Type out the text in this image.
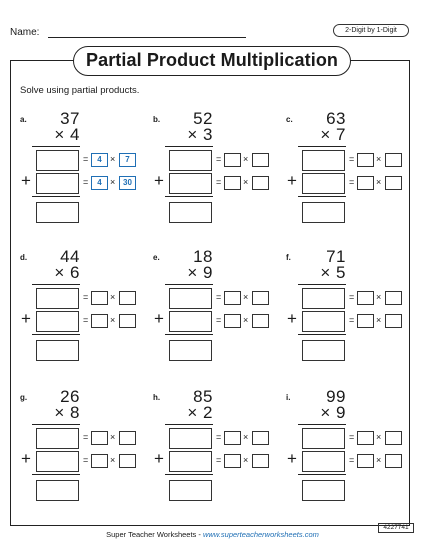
Name:	2-Digit by 1-Digit
Partial Product Multiplication
Solve using partial products.
a.	37
× 4
=	4 ×	7
+	=	4 × 30
b.	52
× 3
= ×
+	= ×
c.	63
× 7
= ×
+	= ×
d.	44
× 6
= ×
+	= ×
e.	18
× 9
= ×
+	= ×
f.	71
× 5
= ×
+	= ×
g.	26
× 8
= ×
+	= ×
h.	85
× 2
= ×
+	= ×
i.	99
× 9
= ×
+	= ×
Super Teacher Worksheets - www.superteacherworksheets.com
4227741
